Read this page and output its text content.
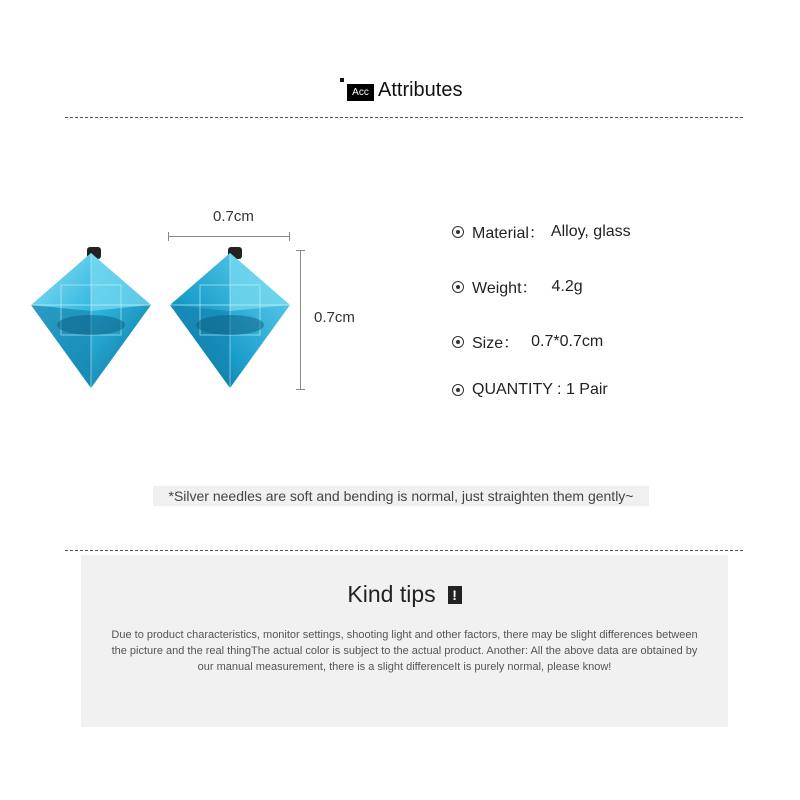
Acc Attributes
0.7cm
0.7cm
Material： Alloy, glass
Weight： 4.2g
Size： 0.7*0.7cm
QUANTITY : 1 Pair
*Silver needles are soft and bending is normal, just straighten them gently~
Kind tips	!
Due to product characteristics, monitor settings, shooting light and other factors, there may be slight differences between the picture and the real thingThe actual color is subject to the actual product. Another: All the above data are obtained by our manual measurement, there is a slight differenceIt is purely normal, please know!
